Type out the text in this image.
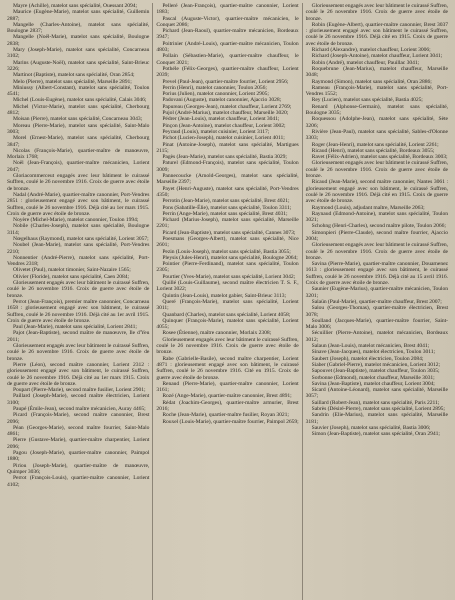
Mayre (Achille), matelot sans spécialité, Ouessant 2094;

Maurice (Eugène-Marie), matelot sans spécialité, Guillemin 2887;

Mangelle (Charles-Antoine), matelot sans spécialité, Boulogne 2837;

Mangelle (Noël-Marie), matelot sans spécialité, Boulogne 2838;

Mary (Joseph-Marie), matelot sans spécialité, Concarneau 3102;

Marins (Auguste-Noël), matelot sans spécialité, Saint-Brieuc 3226;

Martinot (Baptiste), matelot sans spécialité, Oran 2854;

Melo (Pierre), matelot sans spécialité, Marseille 2891;

Miniussy (Albert-Constant), matelot sans spécialité, Toulon 4541;

Michel (Louis-Eugène), matelot sans spécialité, Calais 3046;

Michel (Victor-Marie), matelot sans spécialité, Cherbourg 4812;

Moisan (Pierre), matelot sans spécialité, Concarneau 3043;

Moreau (Pierre-Marie), matelot sans spécialité, Saint-Malo 3003;

Morel (Ernest-Marie), matelot sans spécialité, Cherbourg 3847;

Nicolas (François-Marie), quartier-maître de manœuvre, Morlaix 1768;

Noël (Jean-François), quartier-maître mécanicien, Lorient 2047;

Gloriacommerceut engagés avec leur bâtiment le cuirassé Suffren, coulé le 26 novembre 1916. Croix de guerre avec étoile de bronze.

Nadal (André-Marie), quartier-maître canonnier, Port-Vendres 2851 : glorieusement engagé avec son bâtiment, le cuirassé Suffren, coulé le 26 novembre 1916. Déjà cité au 1er mars 1915. Croix de guerre avec étoile de bronze.

Noyère (Michel-Marie), matelot canonnier, Toulon 1994;

Nobile (Charles-Joseph), matelot sans spécialité, Boulogne 3114;

Nœgelhaus (Raymond), matelot sans spécialité, Lorient 3057;

Noubel (Jean-Marie), matelot sans spécialité, Port-Vendres 2210;

Nonnentier (André-Pierre), matelot sans spécialité, Port-Vendres 2318;

Olivetet (Paul), matelot timonier, Saint-Nazaire 1565;

Olivier (Floride), matelot sans spécialité, Caen 2084;

Glorieusement engagés avec leur bâtiment le cuirassé Suffren, coulé le 26 novembre 1916. Croix de guerre avec étoile de bronze.

Perrot (Jean-François), premier maître canonnier, Concarneau 1658 : glorieusement engagé avec son bâtiment, le cuirassé Suffren, coulé le 26 novembre 1916. Déjà cité au 1er avril 1915. Croix de guerre avec étoile de bronze.

Paul (Jean-Marie), matelot sans spécialité, Lorient 2841;

Pajot (Jean-Baptiste), second maître de manœuvre, Ile d'Yeu 2011;

Glorieusement engagés avec leur bâtiment le cuirassé Suffren, coulé le 26 novembre 1916. Croix de guerre avec étoile de bronze.

Pierre (Léon), second maître canonnier, Lorient 2312 : glorieusement engagé avec son bâtiment, le cuirassé Suffren, coulé le 26 novembre 1916. Déjà cité au 1er mars 1915. Croix de guerre avec étoile de bronze.

Poupart (Pierre-Marie), second maître fusilier, Lorient 2901;

Paillard (Joseph-Marie), second maître électricien, Lorient 3100;

Paupé (Émile-Jean), second maître mécanicien, Auray 4465;

Picard (François-Marie), second maître canonnier, Brest 2096;

Péan (Georges-Marie), second maître fourrier, Saint-Malo 4861;

Pierre (Gustave-Marie), quartier-maître charpentier, Lorient 2096;

Pagou (Joseph-Marie), quartier-maître canonnier, Paimpol 1880;

Piriou (Joseph-Marie), quartier-maître de manœuvre, Quimper 3036;

Perrot (François-Louis), quartier-maître canonnier, Lorient 4102;

Pelleré (Jean-François), quartier-maître canonnier, Lorient 1883;

Pascal (Auguste-Victor), quartier-maître mécanicien, le Conquet 2086;

Pichard (Jean-Raoul), quartier-maître mécanicien, Bordeaux 3947;

Poitrinier (André-Louis), quartier-maître mécanicien, Toulon 4803;

Pollain (Sébastien-Marie), quartier-maître chauffeur, le Conquet 3021;

Pothéle (Félix-Georges), quartier-maître chauffeur, Lorient 2039;

Prevel (Paul-Jean), quartier-maître fourrier, Lorient 2956;

Perrin (Henri), matelot canonnier, Toulon 2056;

Porius (Julien), matelot canonnier, Lorient 2905;

Padovani (Auguste), matelot canonnier, Ajaccio 3028;

Papureau (Georges-Jean), matelot chauffeur, Lorient 2769;

Pujol (André-Marius), matelot chauffeur, Marseille 3020;

Pédrer (Jean-Louis), matelot chauffeur, Lorient 3041;

Pinçon (Jean-Antoine), matelot chauffeur, Lorient 3002;

Peyraud (Louis), matelot cuisinier, Lorient 3117;

Pichot (Lucien-Joseph), matelot cuisinier, Lorient 4011;

Pinat (Antoine-Joseph), matelot sans spécialité, Martigues 2115;

Pagès (Jean-Marie), matelot sans spécialité, Bastia 3029;

Paturel (Edmond-François), matelot sans spécialité, Toulon 3009;

Pannecoucke (Arnold-Georges), matelot sans spécialité, Marseille 2397;

Payet (Henri-Auguste), matelot sans spécialité, Port-Vendres 4350;

Perrotin (Jean-Marie), matelot sans spécialité, Brest 4021;

Pons (Sabatille-Élie), matelot sans spécialité, Toulon 3311;

Perrin (Ange-Marie), matelot sans spécialité, Brest 4031;

Pichard (Marius-Joseph), matelot sans spécialité, Marseille 2201;

Picard (Jean-Baptiste), matelot sans spécialité, Cannes 3073;

Poesmans (Georges-Albert), matelot sans spécialité, Nice 2601;

Pezin (Louis-Joseph), matelot sans spécialité, Bastia 3055;

Pleysis (Jules-Henri), matelot sans spécialité, Boulogne 2064;

Pointier (Pierre-Ferdinand), matelot sans spécialité, Toulon 2305;

Pourtier (Yves-Marie), matelot sans spécialité, Lorient 3042;

Quillé (Louis-Guillaume), second maître électricien T. S. F., Lorient 3022;

Quintin (Jean-Louis), matelot gabier, Saint-Brieuc 3113;

Queré (François-Marie), matelot sans spécialité, Lorient 3011;

Quanbard (Charles), matelot sans spécialité, Lorient 4058;

Quinquer (François-Marie), matelot sans spécialité, Lorient 4055;

Rosee (Étienne), maître canonnier, Morlaix 2308;

Glorieusement engagés avec leur bâtiment le cuirassé Suffren, coulé le 26 novembre 1916. Croix de guerre avec étoile de bronze.

Rabe (Gabrielle-Basile), second maître charpentier, Lorient 4871 : glorieusement engagé avec son bâtiment, le cuirassé Suffren, coulé le 26 novembre 1916. Cité en 1915. Croix de guerre avec étoile de bronze.

Renaud (Pierre-Marie), quartier-maître canonnier, Lorient 3161;

Rozé (Ange-Marie), quartier-maître canonnier, Brest 4891;

Rédat (Joachim-Georges), quartier-maître armurier, Brest 2016;

Roche (Jean-Marie), quartier-maître fusilier, Royan 3021;

Rouxel (Louis-Marie), quartier-maître fourrier, Paimpol 2659;

Glorieusement engagés avec leur bâtiment le cuirassé Suffren, coulé le 26 novembre 1916. Croix de guerre avec étoile de bronze.

Robin (Eugène-Albert), quartier-maître canonnier, Brest 3037 : glorieusement engagé avec son bâtiment le cuirassé Suffren, coulé le 26 novembre 1916. Déjà cité en 1915. Croix de guerre avec étoile de bronze.

Richard (Alexandre), matelot chauffeur, Lorient 3006;

Richard (Joseph-Antoine), matelot chauffeur, Lorient 3041;

Robin (André), matelot chauffeur, Pauillac 3041;

Roquebrune (Jean-Marius), matelot chauffeur, Marseille 3048;

Raymond (Simon), matelot sans spécialité, Oran 2886;

Rameau (François-Marie), matelot sans spécialité, Port-Vendres 1552;

Rey (Lucien), matelot sans spécialité, Bastia 4025;

Renard (Alphonse-Germain), matelot sans spécialité, Boulogne 3035;

Roquessou (Adolphe-Jean), matelot sans spécialité, Sète 3206;

Rivière (Jean-Paul), matelot sans spécialité, Sables-d'Olonne 3303;

Roger (Jean-Henri), matelot sans spécialité, Lorient 2261;

Ricaud (Henri), matelot sans spécialité, Bordeaux 3055;

Ravet (Félix-Adrien), matelot sans spécialité, Bordeaux 3003;

Glorieusement engagés avec leur bâtiment le cuirassé Suffren, coulé le 26 novembre 1916. Croix de guerre avec étoile de bronze.

Ricaud (Jean-Marie), second maître canonnier, Nantes 3061 : glorieusement engagé avec son bâtiment, le cuirassé Suffren, coulé le 26 novembre 1916. Déjà cité en 1915. Croix de guerre avec étoile de bronze.

Raymond (Louis), adjudant maître, Marseille 2063;

Raynaud (Edmond-Antoine), matelot sans spécialité, Toulon 3021;

Schohng (Henri-Charles), second maître pilote, Toulon 2066;

Simonpieri (Pierre-Claude), second maître fourrier, Ajaccio 2004;

Glorieusement engagés avec leur bâtiment le cuirassé Suffren, coulé le 26 novembre 1916. Croix de guerre avec étoile de bronze.

Savina (Pierre-Marie), quartier-maître canonnier, Douarnenez 1613 : glorieusement engagé avec son bâtiment, le cuirassé Suffren, coulé le 26 novembre 1916. Déjà cité au 15 avril 1916. Croix de guerre avec étoile de bronze.

Saunier (Eugène-Marius), quartier-maître mécanicien, Toulon 3201;

Salaün (Paul-Marie), quartier-maître chauffeur, Brest 2007;

Salou (Georges-Thomas), quartier-maître électricien, Brest 3078;

Soulland (Jacques-Marie), quartier-maître fourrier, Saint-Malo 3006;

Sécuillier (Pierre-Antoine), matelot mécanicien, Bordeaux 3012;

Salaun (Jean-Louis), matelot mécanicien, Brest 4041;

Sinave (Jean-Jacques), matelot électricien, Toulon 3011;

Saubert (Joseph), matelot électricien, Toulon 2084;

Siaber (Gabriel-Pierre), matelot mécanicien, Lorient 3012;

Sapouvet (Jean-Baptiste), matelot chauffeur, Toulon 3035;

Sorbonne (Edmond), matelot chauffeur, Marseille 3031;

Savina (Jean-Baptiste), matelot chauffeur, Lorient 3004;

Sicard (Antoine-Léonard), matelot sans spécialité, Marseille 3057;

Saillard (Robert-Jean), matelot sans spécialité, Paris 2211;

Sabrès (Désiré-Pierre), matelot sans spécialité, Lorient 2895;

Sandrin (Elie-Marius), matelot sans spécialité, Marseille 3181;

Sauvier (Joseph), matelot sans spécialité, Bastia 3006;

Simon (Jean-Baptiste), matelot sans spécialité, Oran 2941;
